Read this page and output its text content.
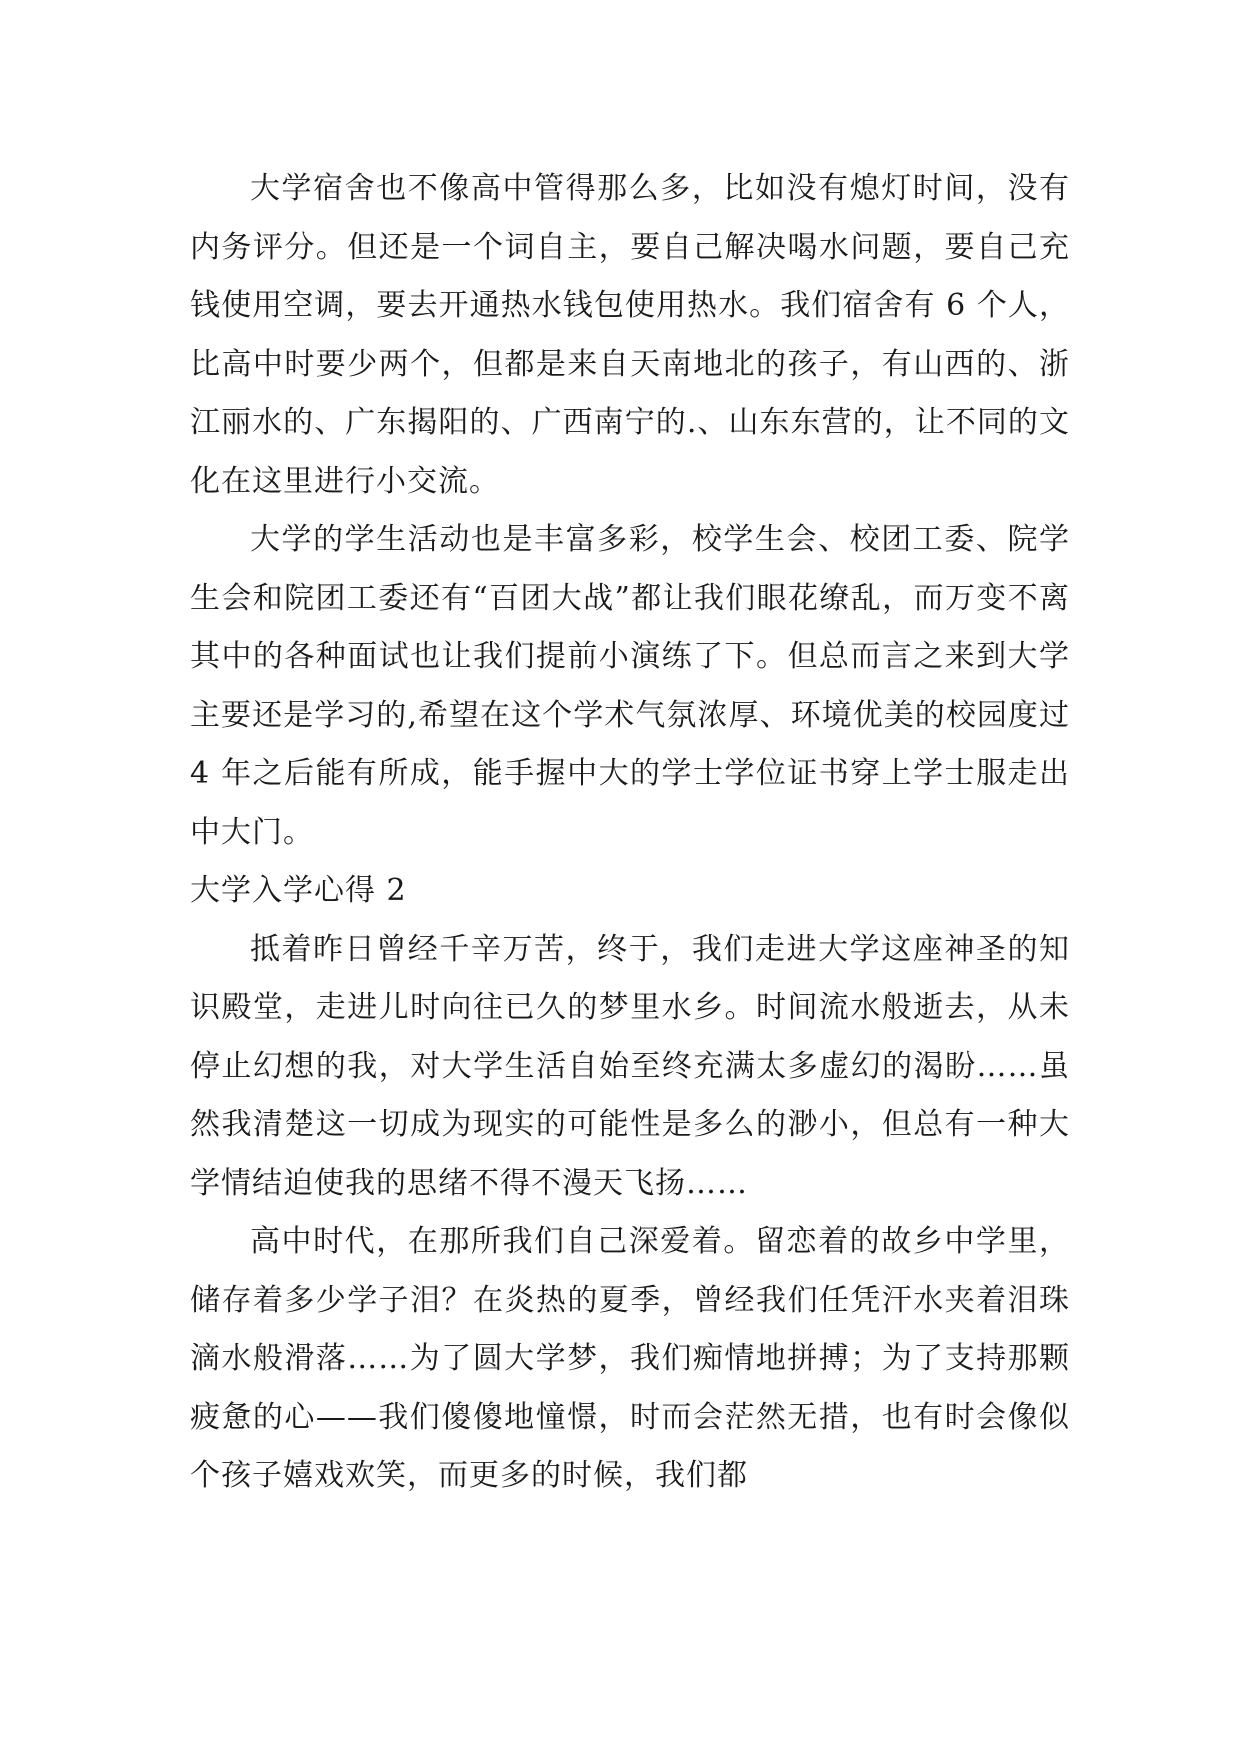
大学宿舍也不像高中管得那么多，比如没有熄灯时间，没有内务评分。但还是一个词自主，要自己解决喝水问题，要自己充钱使用空调，要去开通热水钱包使用热水。我们宿舍有 6 个人，比高中时要少两个，但都是来自天南地北的孩子，有山西的、浙江丽水的、广东揭阳的、广西南宁的.、山东东营的，让不同的文化在这里进行小交流。

大学的学生活动也是丰富多彩，校学生会、校团工委、院学生会和院团工委还有“百团大战”都让我们眼花缭乱，而万变不离其中的各种面试也让我们提前小演练了下。但总而言之来到大学主要还是学习的,希望在这个学术气氛浓厚、环境优美的校园度过 4 年之后能有所成，能手握中大的学士学位证书穿上学士服走出中大门。

大学入学心得 2

抵着昨日曾经千辛万苦，终于，我们走进大学这座神圣的知识殿堂，走进儿时向往已久的梦里水乡。时间流水般逝去，从未停止幻想的我，对大学生活自始至终充满太多虚幻的渴盼……虽然我清楚这一切成为现实的可能性是多么的渺小，但总有一种大学情结迫使我的思绪不得不漫天飞扬……

高中时代，在那所我们自己深爱着。留恋着的故乡中学里，储存着多少学子泪？在炎热的夏季，曾经我们任凭汗水夹着泪珠滴水般滑落……为了圆大学梦，我们痴情地拼搏；为了支持那颗疲惫的心——我们傻傻地憧憬，时而会茫然无措，也有时会像似个孩子嬉戏欢笑，而更多的时候，我们都
